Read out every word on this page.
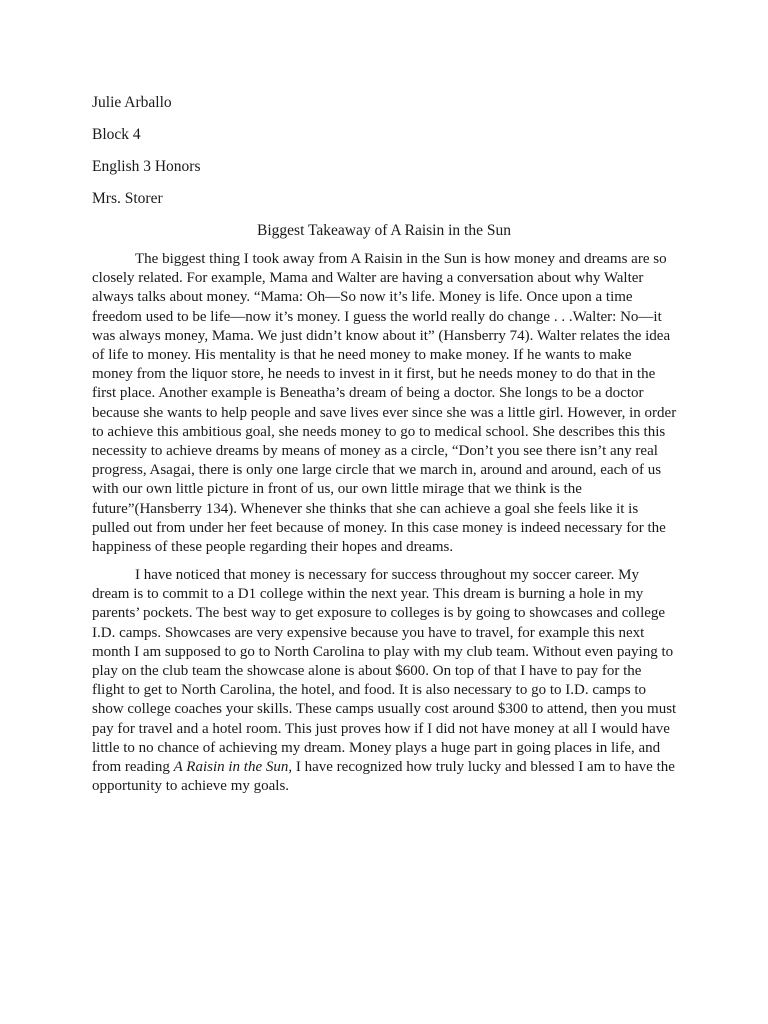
Julie Arballo

Block 4

English 3 Honors

Mrs. Storer

Biggest Takeaway of A Raisin in the Sun

The biggest thing I took away from A Raisin in the Sun is how money and dreams are so
closely related. For example, Mama and Walter are having a conversation about why Walter
always talks about money. “Mama: Oh—So now it’s life. Money is life. Once upon a time
freedom used to be life—now it’s money. I guess the world really do change . . .Walter: No—it
was always money, Mama. We just didn’t know about it” (Hansberry 74). Walter relates the idea
of life to money. His mentality is that he need money to make money. If he wants to make
money from the liquor store, he needs to invest in it first, but he needs money to do that in the
first place. Another example is Beneatha’s dream of being a doctor. She longs to be a doctor
because she wants to help people and save lives ever since she was a little girl. However, in order
to achieve this ambitious goal, she needs money to go to medical school. She describes this this
necessity to achieve dreams by means of money as a circle, “Don’t you see there isn’t any real
progress, Asagai, there is only one large circle that we march in, around and around, each of us
with our own little picture in front of us, our own little mirage that we think is the
future”(Hansberry 134). Whenever she thinks that she can achieve a goal she feels like it is
pulled out from under her feet because of money. In this case money is indeed necessary for the
happiness of these people regarding their hopes and dreams.
I have noticed that money is necessary for success throughout my soccer career. My
dream is to commit to a D1 college within the next year. This dream is burning a hole in my
parents’ pockets. The best way to get exposure to colleges is by going to showcases and college
I.D. camps. Showcases are very expensive because you have to travel, for example this next
month I am supposed to go to North Carolina to play with my club team. Without even paying to
play on the club team the showcase alone is about $600. On top of that I have to pay for the
flight to get to North Carolina, the hotel, and food. It is also necessary to go to I.D. camps to
show college coaches your skills. These camps usually cost around $300 to attend, then you must
pay for travel and a hotel room. This just proves how if I did not have money at all I would have
little to no chance of achieving my dream. Money plays a huge part in going places in life, and
from reading A Raisin in the Sun, I have recognized how truly lucky and blessed I am to have the
opportunity to achieve my goals.
